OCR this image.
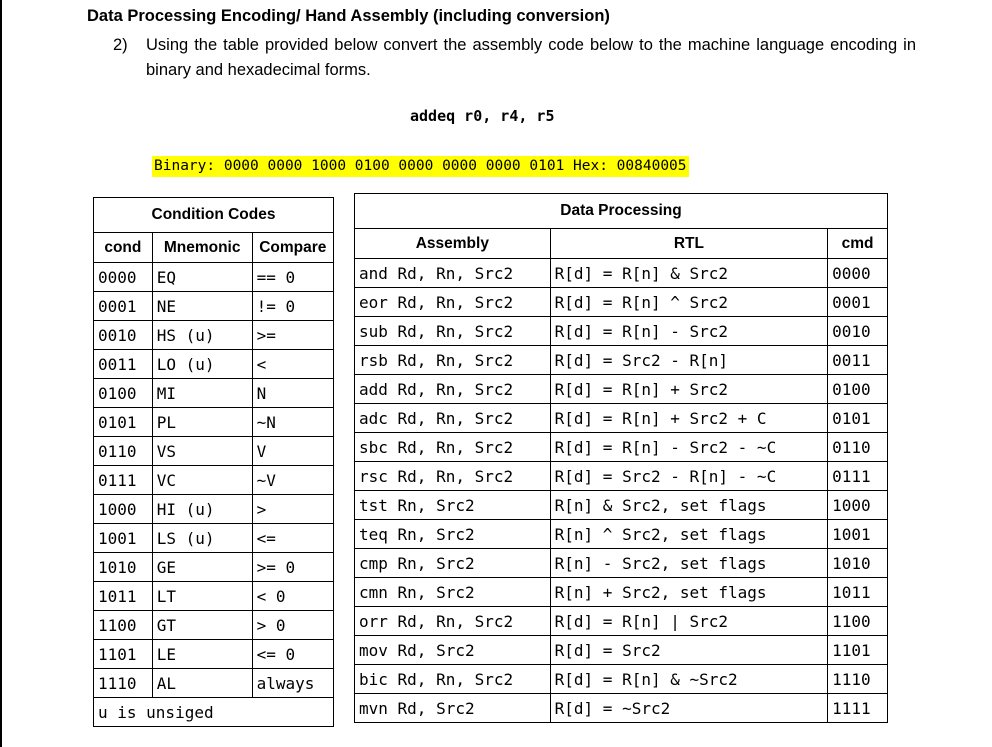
Data Processing Encoding/ Hand Assembly (including conversion)
2) Using the table provided below convert the assembly code below to the machine language encoding in binary and hexadecimal forms.
addeq r0, r4, r5
Binary: 0000 0000 1000 0100 0000 0000 0000 0101 Hex: 00840005
Condition Codes		
cond	Mnemonic	Compare
0000	EQ	== 0
0001	NE	!= 0
0010	HS (u)	>=
0011	LO (u)	<
0100	MI	N
0101	PL	~N
0110	VS	V
0111	VC	~V
1000	HI (u)	>
1001	LS (u)	<=
1010	GE	>= 0
1011	LT	< 0
1100	GT	> 0
1101	LE	<= 0
1110	AL	always
u is unsiged		
Data Processing		
Assembly	RTL	cmd
and Rd, Rn, Src2	R[d] = R[n] & Src2	0000
eor Rd, Rn, Src2	R[d] = R[n] ^ Src2	0001
sub Rd, Rn, Src2	R[d] = R[n] - Src2	0010
rsb Rd, Rn, Src2	R[d] = Src2 - R[n]	0011
add Rd, Rn, Src2	R[d] = R[n] + Src2	0100
adc Rd, Rn, Src2	R[d] = R[n] + Src2 + C	0101
sbc Rd, Rn, Src2	R[d] = R[n] - Src2 - ~C	0110
rsc Rd, Rn, Src2	R[d] = Src2 - R[n] - ~C	0111
tst Rn, Src2	R[n] & Src2, set flags	1000
teq Rn, Src2	R[n] ^ Src2, set flags	1001
cmp Rn, Src2	R[n] - Src2, set flags	1010
cmn Rn, Src2	R[n] + Src2, set flags	1011
orr Rd, Rn, Src2	R[d] = R[n] | Src2	1100
mov Rd, Src2	R[d] = Src2	1101
bic Rd, Rn, Src2	R[d] = R[n] & ~Src2	1110
mvn Rd, Src2	R[d] = ~Src2	1111
